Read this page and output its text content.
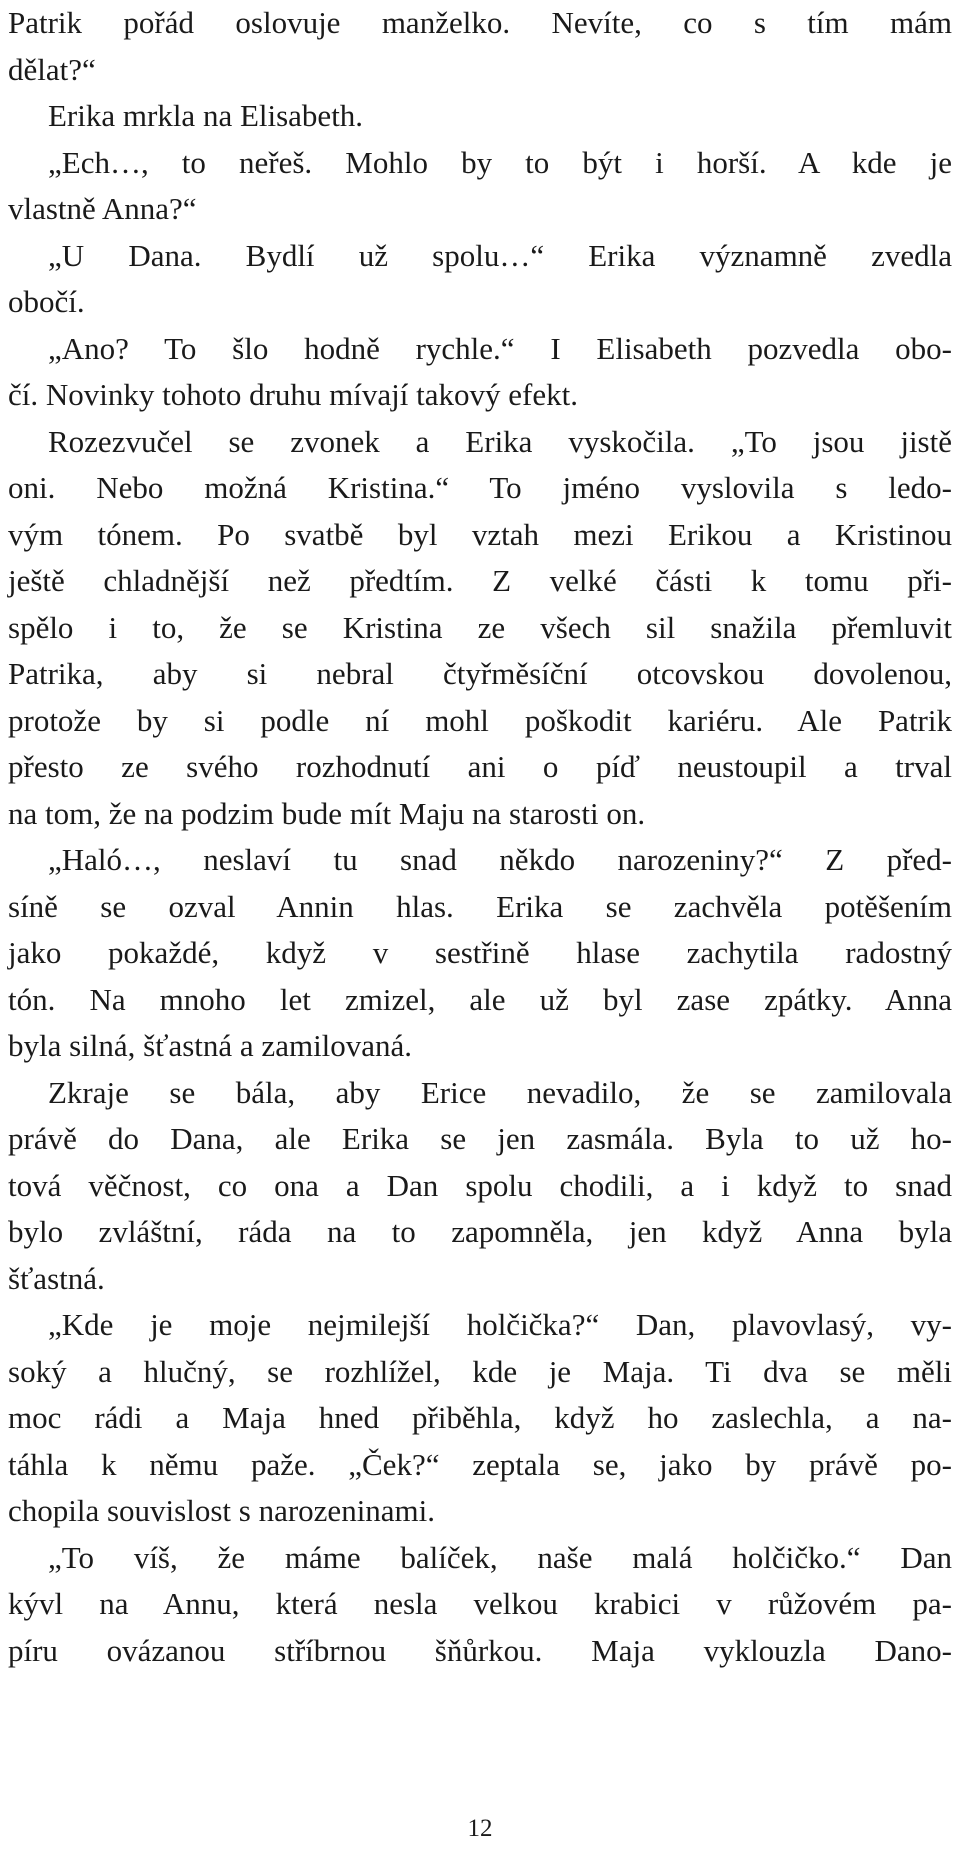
Patrik pořád oslovuje manželko. Nevíte, co s tím mám
dělat?“
Erika mrkla na Elisabeth.
„Ech…, to neřeš. Mohlo by to být i horší. A kde je
vlastně Anna?“
„U Dana. Bydlí už spolu…“ Erika významně zvedla
obočí.
„Ano? To šlo hodně rychle.“ I Elisabeth pozvedla obo-
čí. Novinky tohoto druhu mívají takový efekt.
Rozezvučel se zvonek a Erika vyskočila. „To jsou jistě
oni. Nebo možná Kristina.“ To jméno vyslovila s ledo-
vým tónem. Po svatbě byl vztah mezi Erikou a Kristinou
ještě chladnější než předtím. Z velké části k tomu při-
spělo i to, že se Kristina ze všech sil snažila přemluvit
Patrika, aby si nebral čtyřměsíční otcovskou dovolenou,
protože by si podle ní mohl poškodit kariéru. Ale Patrik
přesto ze svého rozhodnutí ani o píď neustoupil a trval
na tom, že na podzim bude mít Maju na starosti on.
„Haló…, neslaví tu snad někdo narozeniny?“ Z před-
síně se ozval Annin hlas. Erika se zachvěla potěšením
jako pokaždé, když v sestřině hlase zachytila radostný
tón. Na mnoho let zmizel, ale už byl zase zpátky. Anna
byla silná, šťastná a zamilovaná.
Zkraje se bála, aby Erice nevadilo, že se zamilovala
právě do Dana, ale Erika se jen zasmála. Byla to už ho-
tová věčnost, co ona a Dan spolu chodili, a i když to snad
bylo zvláštní, ráda na to zapomněla, jen když Anna byla
šťastná.
„Kde je moje nejmilejší holčička?“ Dan, plavovlasý, vy-
soký a hlučný, se rozhlížel, kde je Maja. Ti dva se měli
moc rádi a Maja hned přiběhla, když ho zaslechla, a na-
táhla k němu paže. „Ček?“ zeptala se, jako by právě po-
chopila souvislost s narozeninami.
„To víš, že máme balíček, naše malá holčičko.“ Dan
kývl na Annu, která nesla velkou krabici v růžovém pa-
píru ovázanou stříbrnou šňůrkou. Maja vyklouzla Dano-
12
